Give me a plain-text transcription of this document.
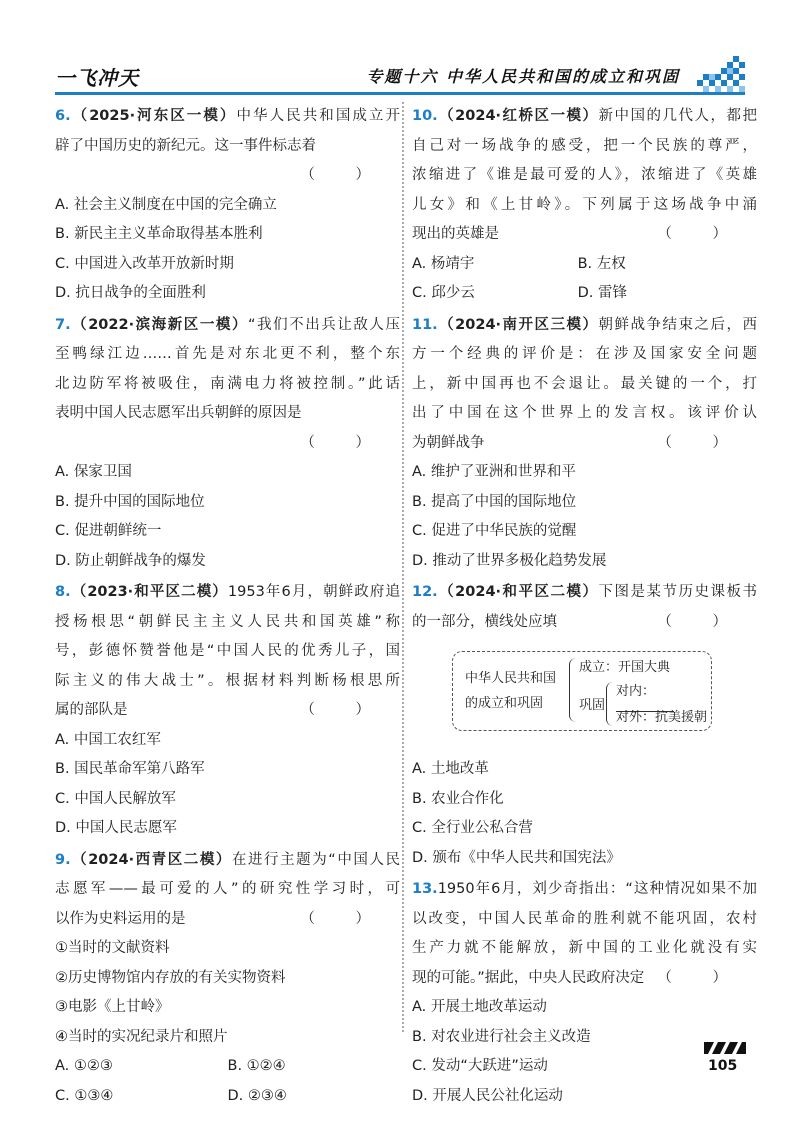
一飞冲天	专题十六 中华人民共和国的成立和巩固
6.（2025·河东区一模）中华人民共和国成立开
辟了中国历史的新纪元。这一事件标志着
（ ）
A. 社会主义制度在中国的完全确立
B. 新民主主义革命取得基本胜利
C. 中国进入改革开放新时期
D. 抗日战争的全面胜利
7.（2022·滨海新区一模）“我们不出兵让敌人压
至鸭绿江边……首先是对东北更不利，整个东
北边防军将被吸住，南满电力将被控制。”此话
表明中国人民志愿军出兵朝鲜的原因是
（ ）
A. 保家卫国
B. 提升中国的国际地位
C. 促进朝鲜统一
D. 防止朝鲜战争的爆发
8.（2023·和平区二模）1953年6月，朝鲜政府追
授杨根思“朝鲜民主主义人民共和国英雄”称
号，彭德怀赞誉他是“中国人民的优秀儿子，国
际主义的伟大战士”。根据材料判断杨根思所
属的部队是	（ ）
A. 中国工农红军
B. 国民革命军第八路军
C. 中国人民解放军
D. 中国人民志愿军
9.（2024·西青区二模）在进行主题为“中国人民
志愿军——最可爱的人”的研究性学习时，可
以作为史料运用的是	（ ）
①当时的文献资料
②历史博物馆内存放的有关实物资料
③电影《上甘岭》
④当时的实况纪录片和照片
A. ①②③	B. ①②④
C. ①③④	D. ②③④
10.（2024·红桥区一模）新中国的几代人，都把
自己对一场战争的感受，把一个民族的尊严，
浓缩进了《谁是最可爱的人》，浓缩进了《英雄
儿女》和《上甘岭》。下列属于这场战争中涌
现出的英雄是	（ ）
A. 杨靖宇	B. 左权
C. 邱少云	D. 雷锋
11.（2024·南开区三模）朝鲜战争结束之后，西
方一个经典的评价是：在涉及国家安全问题
上，新中国再也不会退让。最关键的一个，打
出了中国在这个世界上的发言权。该评价认
为朝鲜战争	（ ）
A. 维护了亚洲和世界和平
B. 提高了中国的国际地位
C. 促进了中华民族的觉醒
D. 推动了世界多极化趋势发展
12.（2024·和平区二模）下图是某节历史课板书
的一部分，横线处应填	（ ）
中华人民共和国
的成立和巩固
成立：开国大典
巩固
对内：
对外：抗美援朝
A. 土地改革
B. 农业合作化
C. 全行业公私合营
D. 颁布《中华人民共和国宪法》
13.1950年6月，刘少奇指出：“这种情况如果不加
以改变，中国人民革命的胜利就不能巩固，农村
生产力就不能解放，新中国的工业化就没有实
现的可能。”据此，中央人民政府决定 （ ）
A. 开展土地改革运动
B. 对农业进行社会主义改造
C. 发动“大跃进”运动
D. 开展人民公社化运动
105
